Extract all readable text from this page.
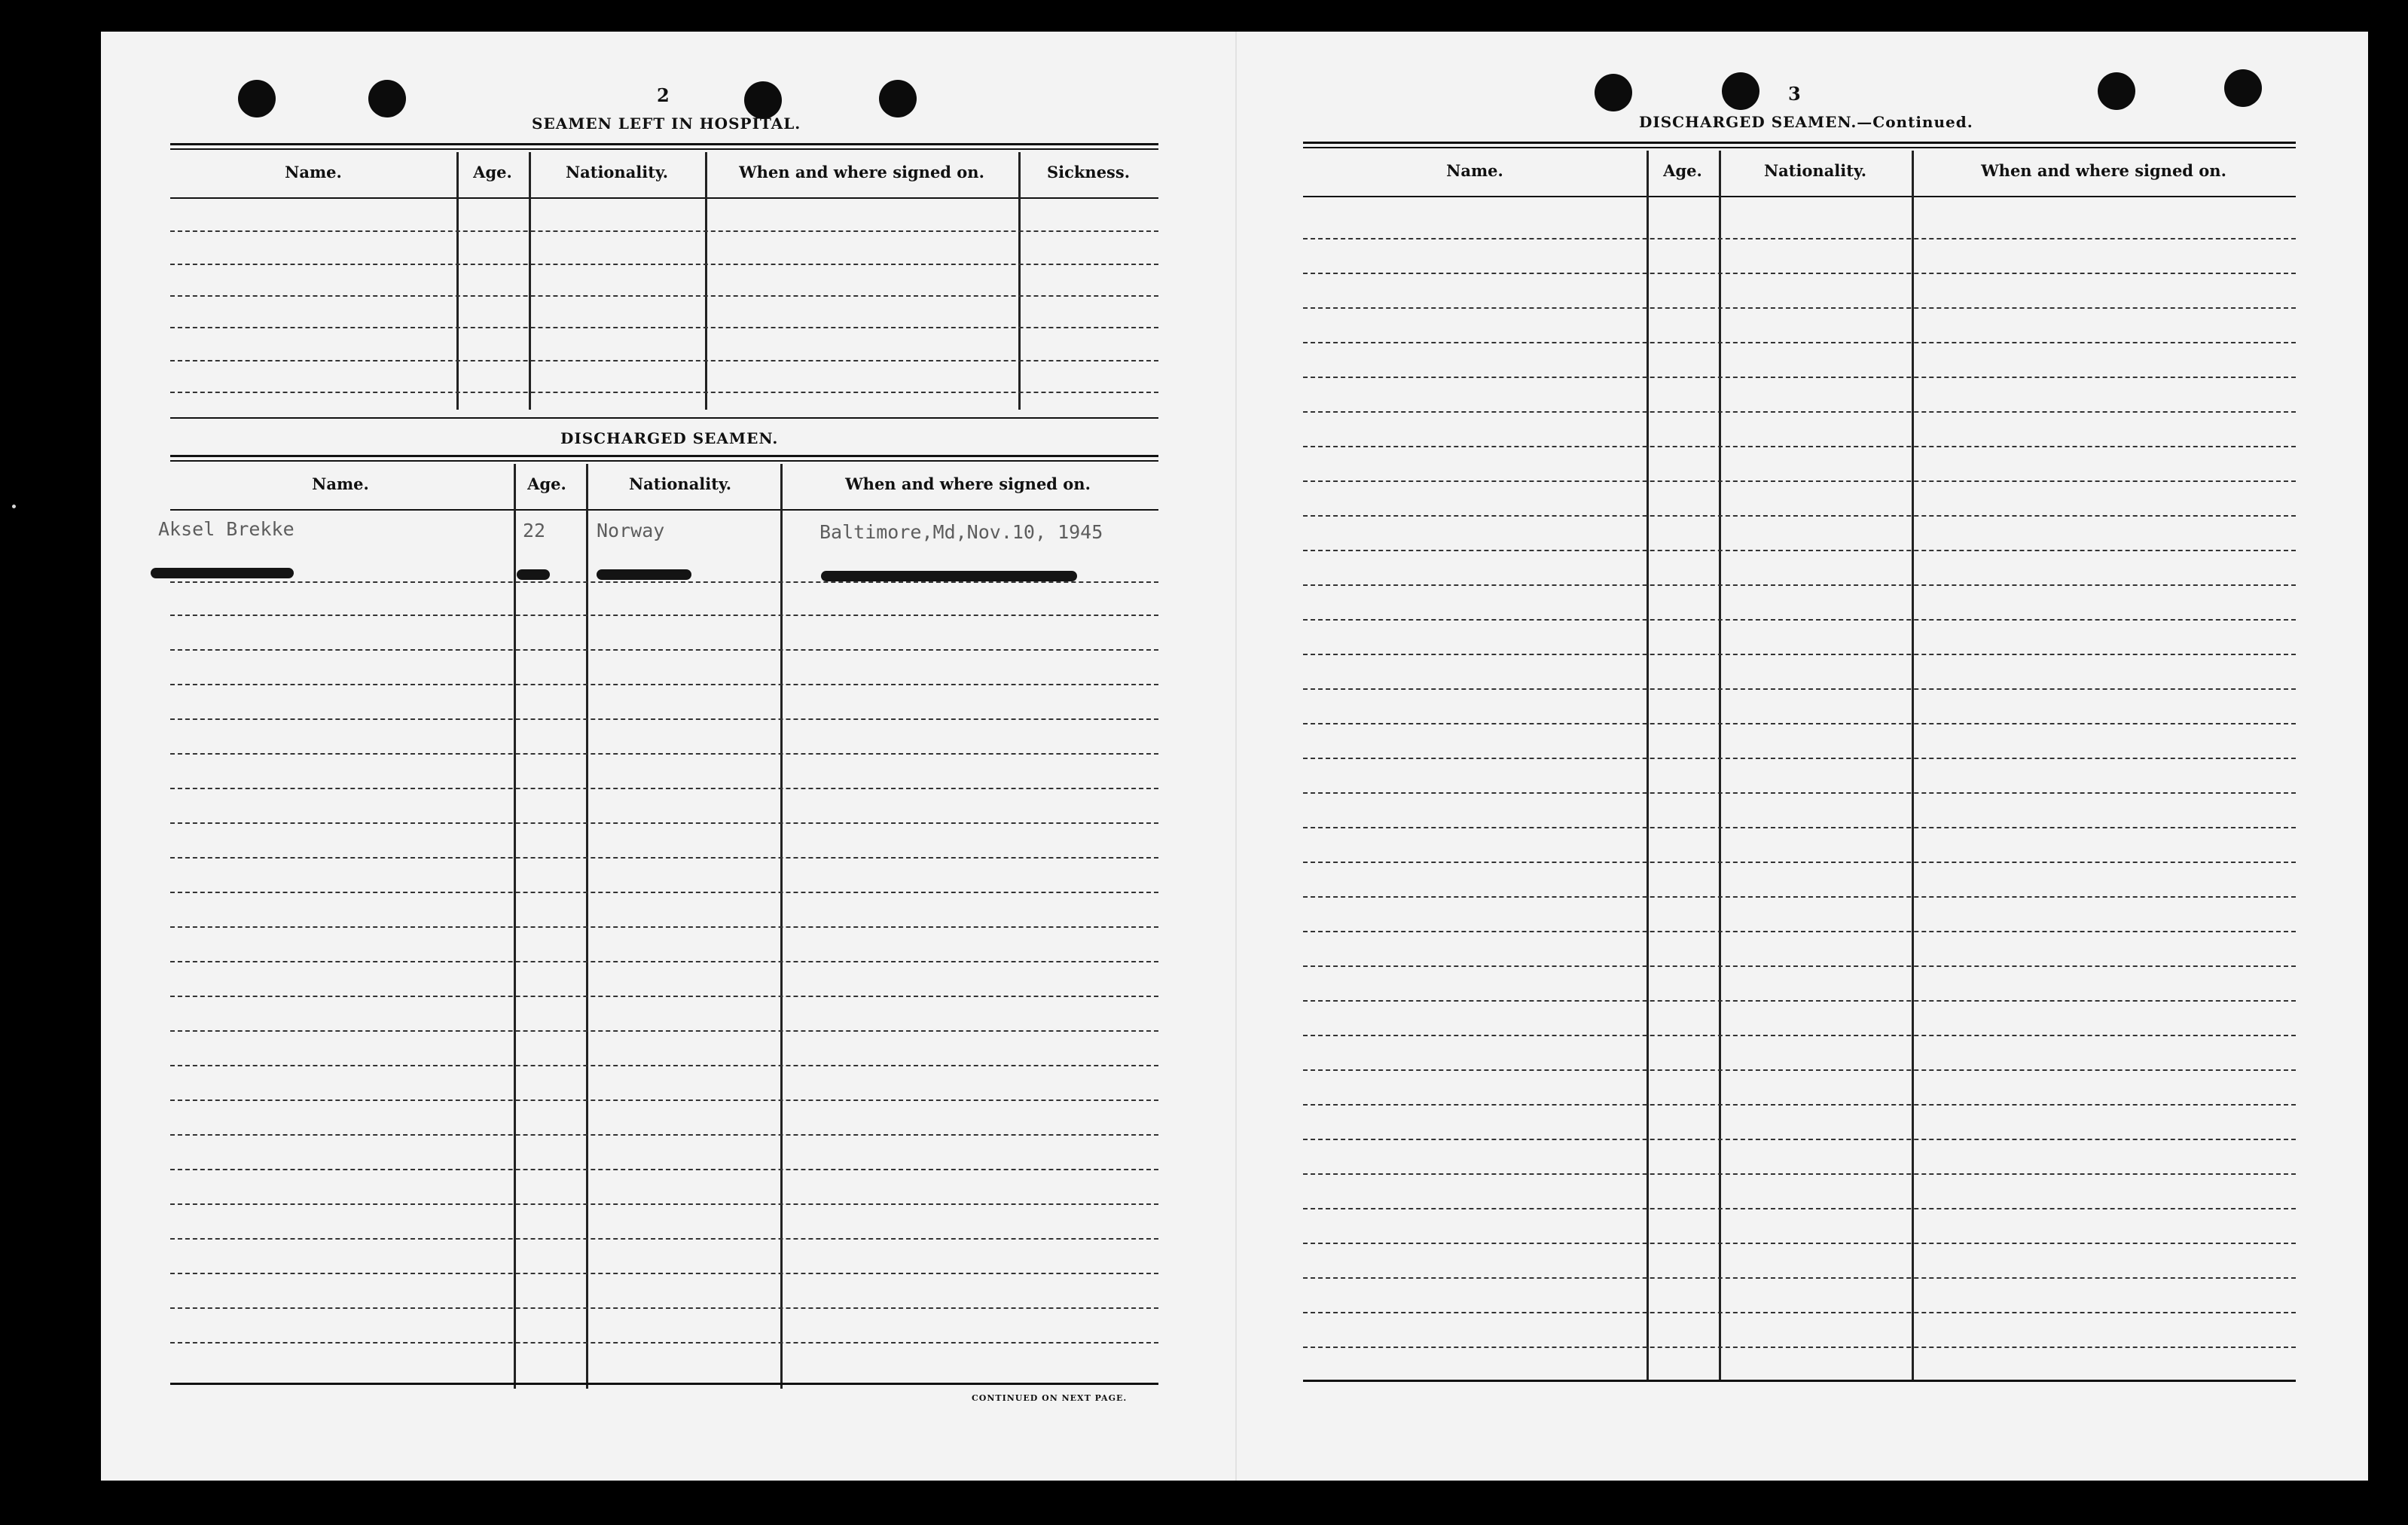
2
SEAMEN LEFT IN HOSPITAL.
Name.	Age.	Nationality.	When and where signed on.	Sickness.
DISCHARGED SEAMEN.
Name.	Age.	Nationality.	When and where signed on.
Aksel Brekke	22	Norway	Baltimore,Md,Nov.10, 1945
CONTINUED ON NEXT PAGE.
3
DISCHARGED SEAMEN.—Continued.
Name.	Age.	Nationality.	When and where signed on.
